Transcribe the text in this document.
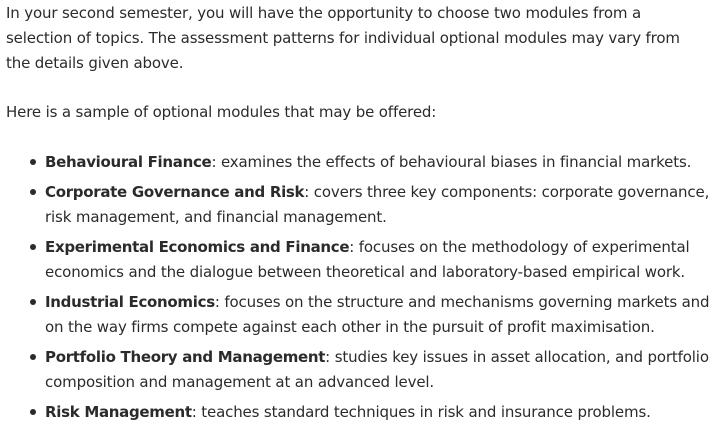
In your second semester, you will have the opportunity to choose two modules from a
selection of topics. The assessment patterns for individual optional modules may vary from
the details given above.

Here is a sample of optional modules that may be offered:

Behavioural Finance: examines the effects of behavioural biases in financial markets.
Corporate Governance and Risk: covers three key components: corporate governance,
risk management, and financial management.
Experimental Economics and Finance: focuses on the methodology of experimental
economics and the dialogue between theoretical and laboratory-based empirical work.
Industrial Economics: focuses on the structure and mechanisms governing markets and
on the way firms compete against each other in the pursuit of profit maximisation.
Portfolio Theory and Management: studies key issues in asset allocation, and portfolio
composition and management at an advanced level.
Risk Management: teaches standard techniques in risk and insurance problems.
